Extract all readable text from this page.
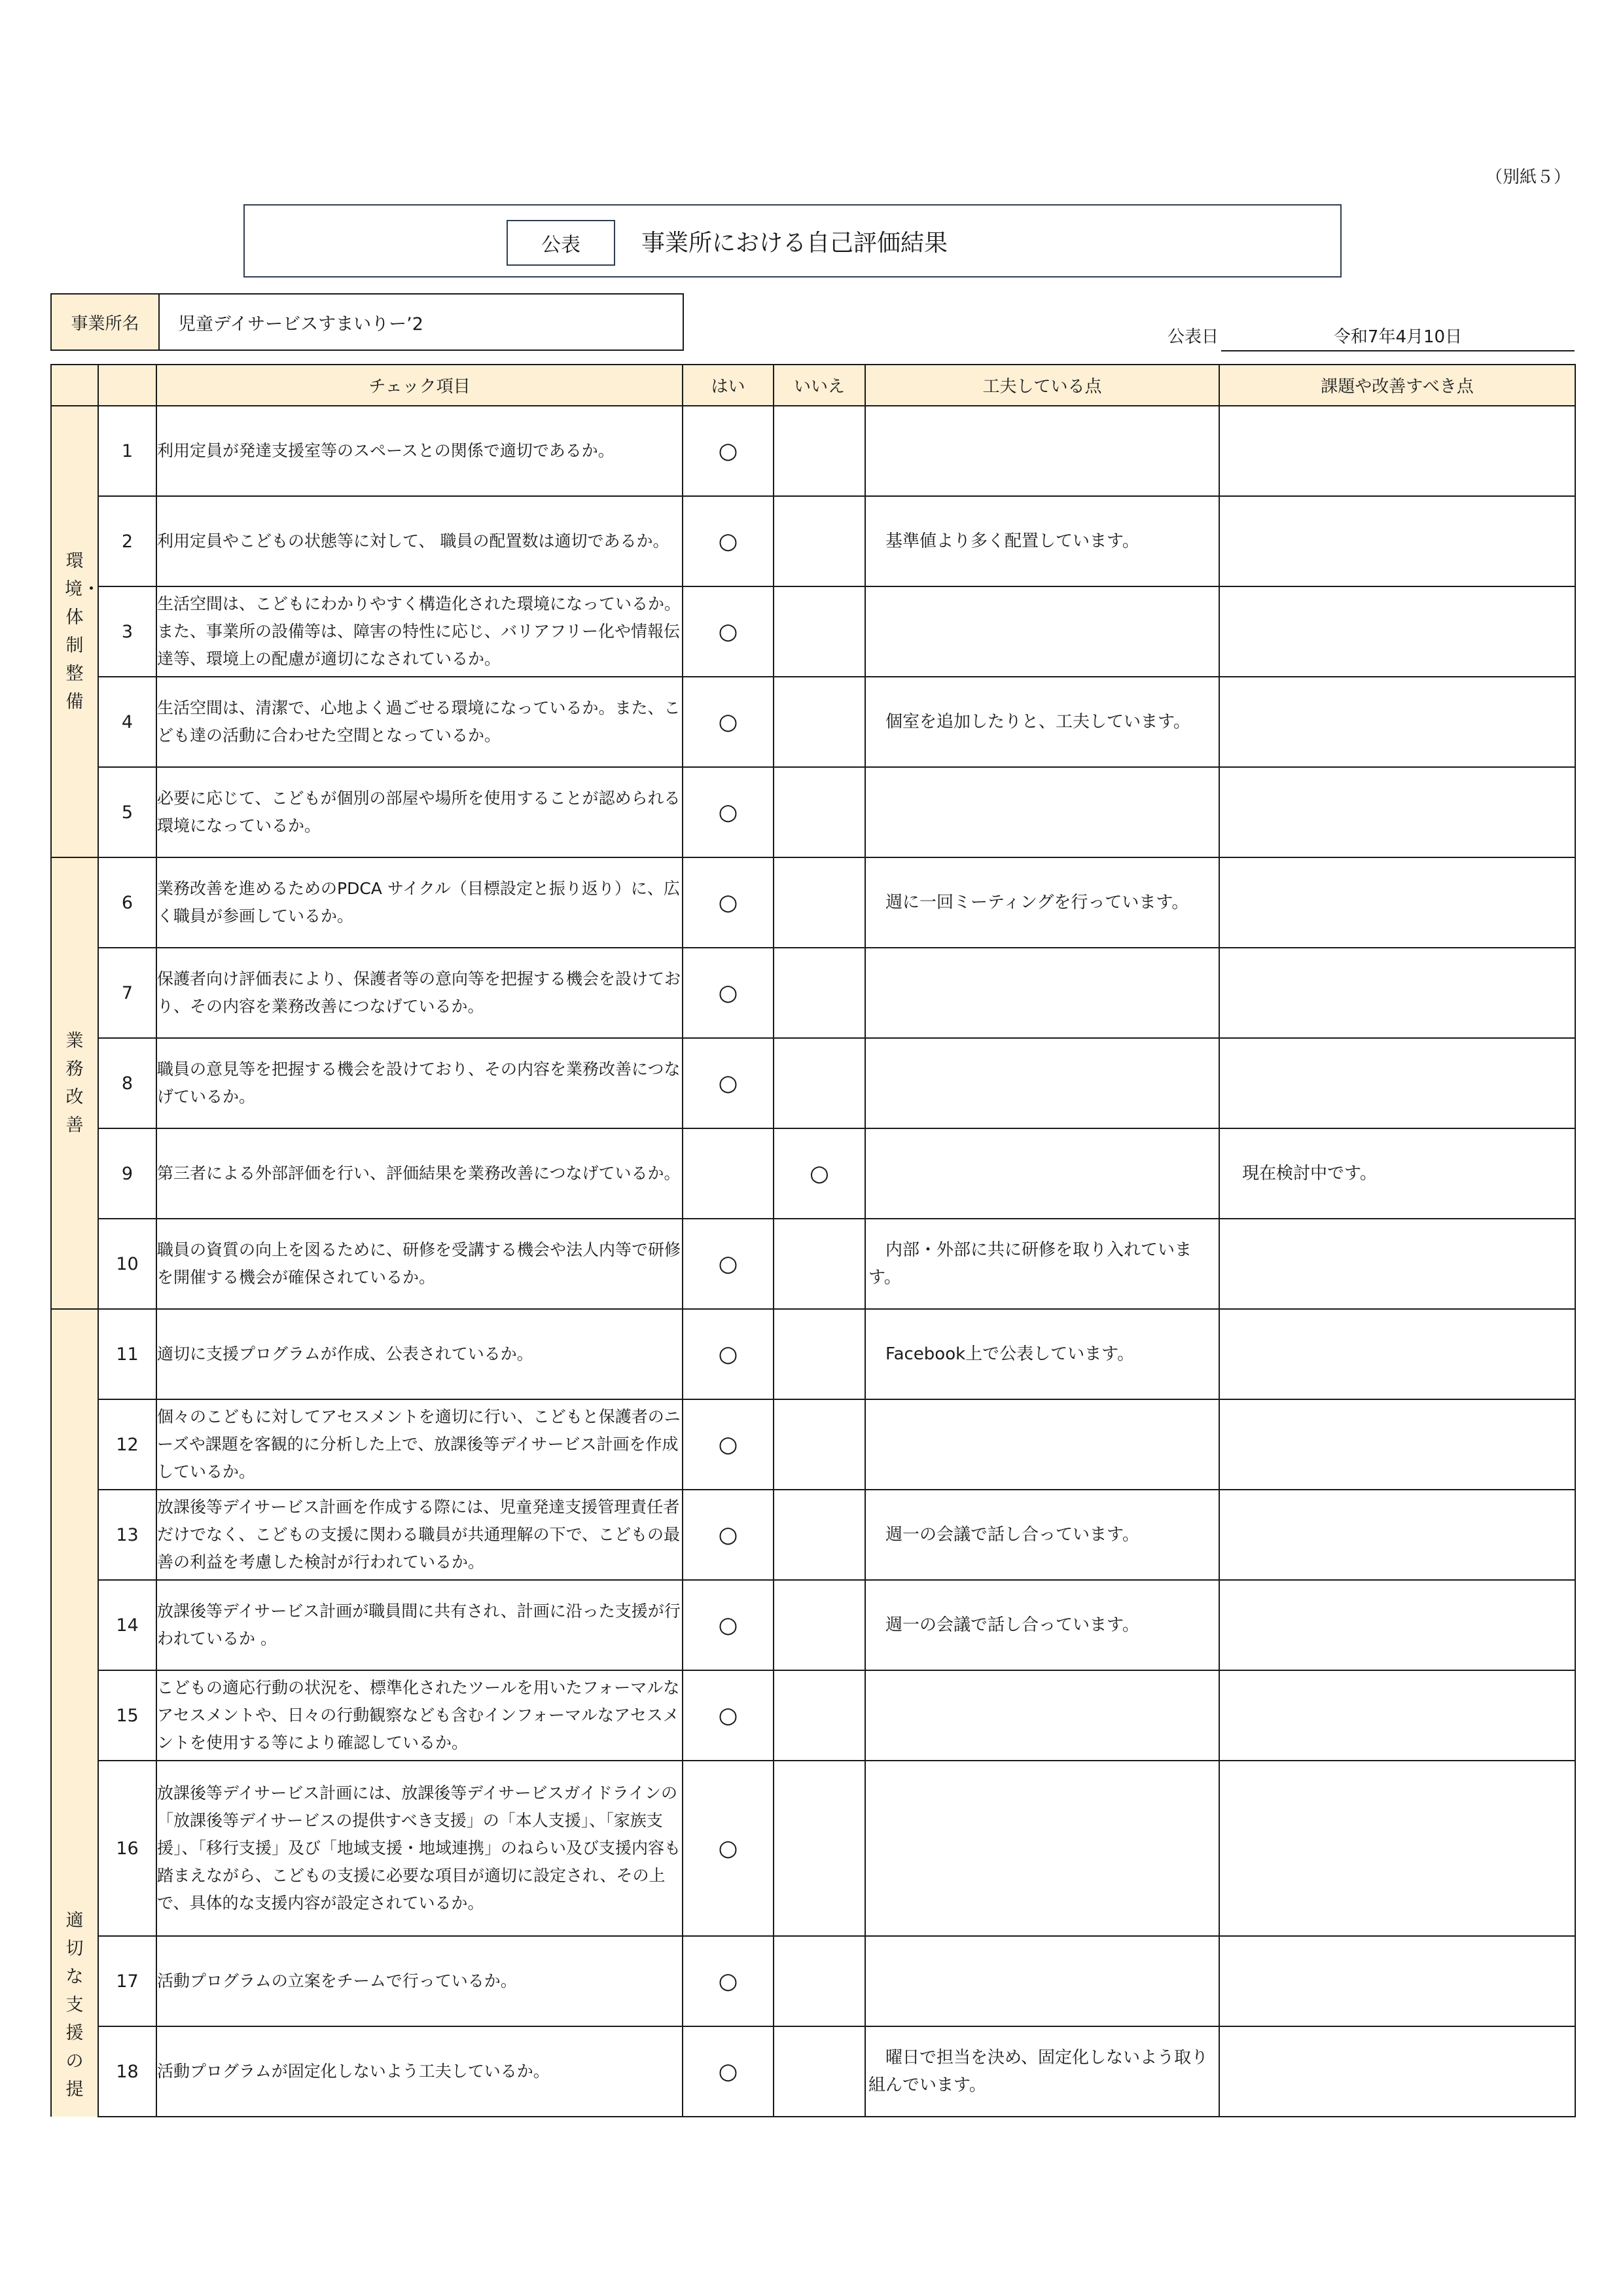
（別紙５）
公表	事業所における自己評価結果
事業所名	児童デイサービスすまいりー’2
公表日	令和7年4月10日
		チェック項目	はい	いいえ	工夫している点	課題や改善すべき点
環境・体制整備	1	利用定員が発達支援室等のスペースとの関係で適切であるか。	○		

	2	利用定員やこどもの状態等に対して、 職員の配置数は適切であるか。	○		基準値より多く配置しています。	

	3	生活空間は、こどもにわかりやすく構造化された環境になっているか。また、事業所の設備等は、障害の特性に応じ、バリアフリー化や情報伝達等、環境上の配慮が適切になされているか。	○		

	4	生活空間は、清潔で、心地よく過ごせる環境になっているか。また、こども達の活動に合わせた空間となっているか。	○		個室を追加したりと、工夫しています。	

	5	必要に応じて、こどもが個別の部屋や場所を使用することが認められる環境になっているか。	○		

業務改善	6	業務改善を進めるためのPDCA サイクル（目標設定と振り返り）に、広く職員が参画しているか。	○		週に一回ミーティングを行っています。	

	7	保護者向け評価表により、保護者等の意向等を把握する機会を設けており、その内容を業務改善につなげているか。	○		

	8	職員の意見等を把握する機会を設けており、その内容を業務改善につなげているか。	○		

	9	第三者による外部評価を行い、評価結果を業務改善につなげているか。		○		現在検討中です。

	10	職員の資質の向上を図るために、研修を受講する機会や法人内等で研修を開催する機会が確保されているか。	○		内部・外部に共に研修を取り入れています。	

適切な支援の提	11	適切に支援プログラムが作成、公表されているか。	○		Facebook上で公表しています。	

	12	個々のこどもに対してアセスメントを適切に行い、こどもと保護者のニーズや課題を客観的に分析した上で、放課後等デイサービス計画を作成しているか。	○		

	13	放課後等デイサービス計画を作成する際には、児童発達支援管理責任者だけでなく、こどもの支援に関わる職員が共通理解の下で、こどもの最善の利益を考慮した検討が行われているか。	○		週一の会議で話し合っています。	

	14	放課後等デイサービス計画が職員間に共有され、計画に沿った支援が行われているか 。	○		週一の会議で話し合っています。	

	15	こどもの適応行動の状況を、標準化されたツールを用いたフォーマルなアセスメントや、日々の行動観察なども含むインフォーマルなアセスメントを使用する等により確認しているか。	○		

	16	放課後等デイサービス計画には、放課後等デイサービスガイドラインの「放課後等デイサービスの提供すべき支援」の「本人支援」、「家族支援」、「移行支援」及び「地域支援・地域連携」のねらい及び支援内容も踏まえながら、こどもの支援に必要な項目が適切に設定され、その上で、具体的な支援内容が設定されているか。	○		

	17	活動プログラムの立案をチームで行っているか。	○		

	18	活動プログラムが固定化しないよう工夫しているか。	○		曜日で担当を決め、固定化しないよう取り組んでいます。	
